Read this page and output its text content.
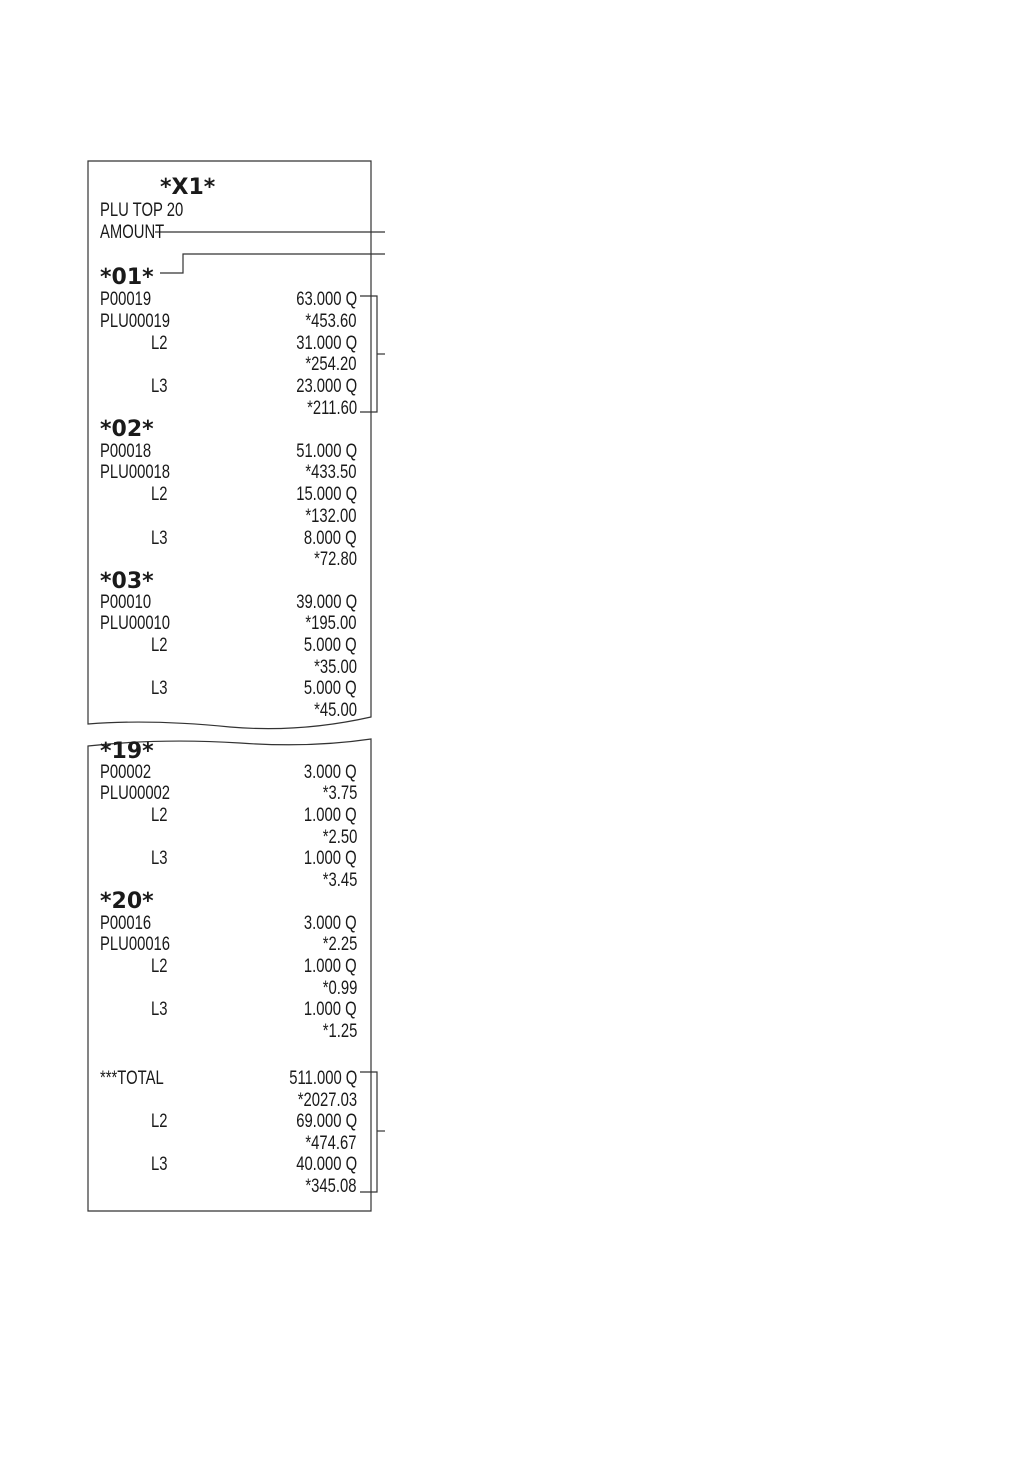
*X1*
PLU TOP 20
AMOUNT
*01*
P00019	63.000 Q
PLU00019	*453.60
L2	31.000 Q
*254.20
L3	23.000 Q
*211.60
*02*
P00018	51.000 Q
PLU00018	*433.50
L2	15.000 Q
*132.00
L3	8.000 Q
*72.80
*03*
P00010	39.000 Q
PLU00010	*195.00
L2	5.000 Q
*35.00
L3	5.000 Q
*45.00
*19*
P00002	3.000 Q
PLU00002	*3.75
L2	1.000 Q
*2.50
L3	1.000 Q
*3.45
*20*
P00016	3.000 Q
PLU00016	*2.25
L2	1.000 Q
*0.99
L3	1.000 Q
*1.25
***TOTAL	511.000 Q
*2027.03
L2	69.000 Q
*474.67
L3	40.000 Q
*345.08
